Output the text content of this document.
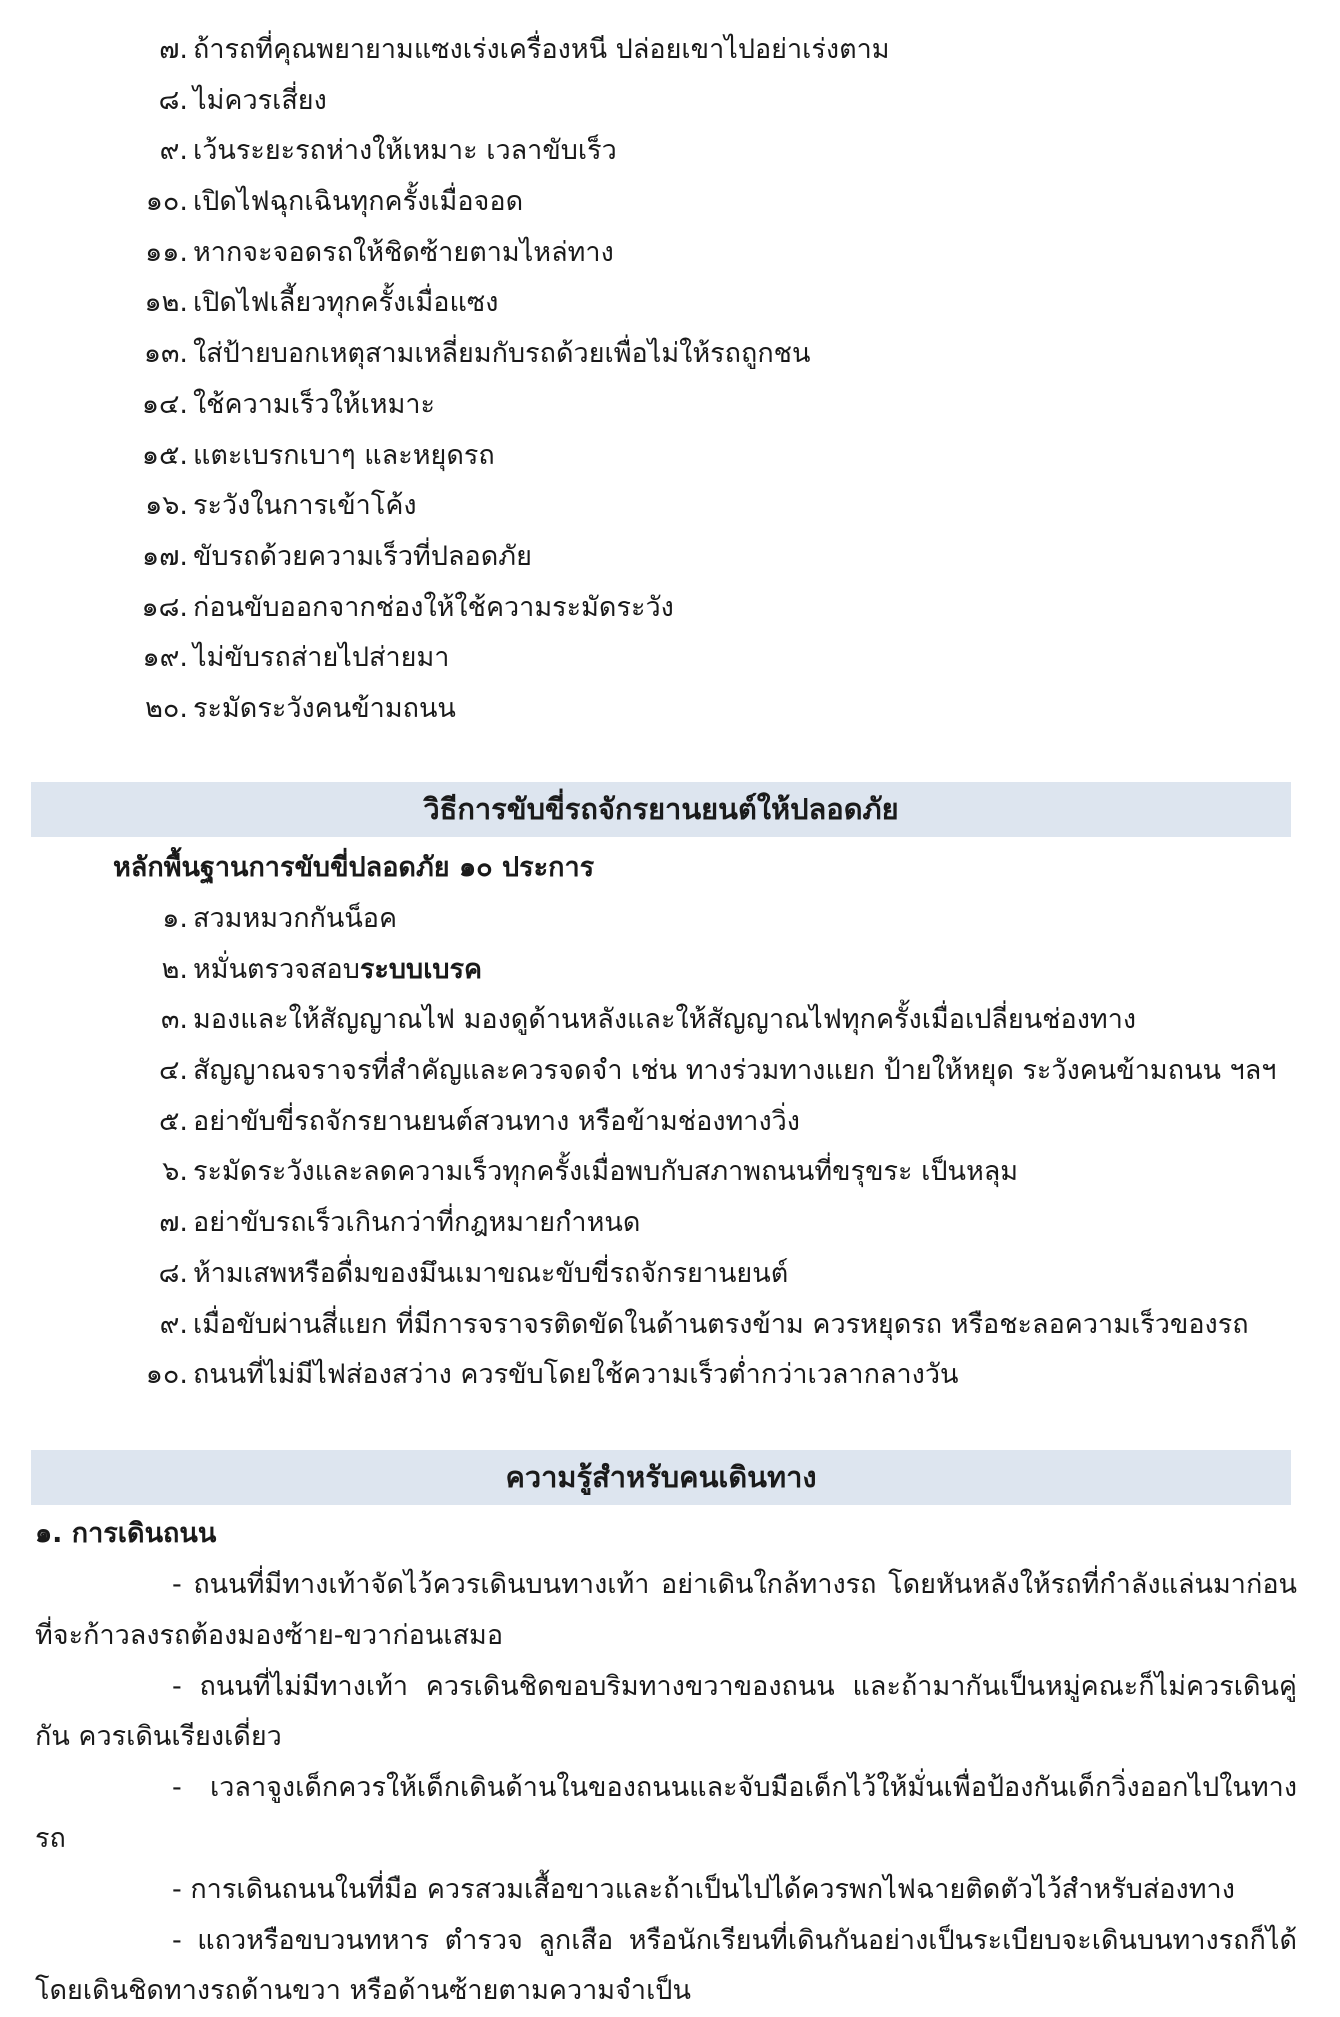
๗. ถ้ารถที่คุณพยายามแซงเร่งเครื่องหนี ปล่อยเขาไปอย่าเร่งตาม
๘. ไม่ควรเสี่ยง
๙. เว้นระยะรถห่างให้เหมาะ เวลาขับเร็ว
๑๐. เปิดไฟฉุกเฉินทุกครั้งเมื่อจอด
๑๑. หากจะจอดรถให้ชิดซ้ายตามไหล่ทาง
๑๒. เปิดไฟเลี้ยวทุกครั้งเมื่อแซง
๑๓. ใส่ป้ายบอกเหตุสามเหลี่ยมกับรถด้วยเพื่อไม่ให้รถถูกชน
๑๔. ใช้ความเร็วให้เหมาะ
๑๕. แตะเบรกเบาๆ และหยุดรถ
๑๖. ระวังในการเข้าโค้ง
๑๗. ขับรถด้วยความเร็วที่ปลอดภัย
๑๘. ก่อนขับออกจากช่องให้ใช้ความระมัดระวัง
๑๙. ไม่ขับรถส่ายไปส่ายมา
๒๐. ระมัดระวังคนข้ามถนน
วิธีการขับขี่รถจักรยานยนต์ให้ปลอดภัย
หลักพื้นฐานการขับขี่ปลอดภัย ๑๐ ประการ
๑. สวมหมวกกันน็อค
๒. หมั่นตรวจสอบระบบเบรค
๓. มองและให้สัญญาณไฟ มองดูด้านหลังและให้สัญญาณไฟทุกครั้งเมื่อเปลี่ยนช่องทาง
๔. สัญญาณจราจรที่สำคัญและควรจดจำ เช่น ทางร่วมทางแยก ป้ายให้หยุด ระวังคนข้ามถนน ฯลฯ
๕. อย่าขับขี่รถจักรยานยนต์สวนทาง หรือข้ามช่องทางวิ่ง
๖. ระมัดระวังและลดความเร็วทุกครั้งเมื่อพบกับสภาพถนนที่ขรุขระ เป็นหลุม
๗. อย่าขับรถเร็วเกินกว่าที่กฎหมายกำหนด
๘. ห้ามเสพหรือดื่มของมึนเมาขณะขับขี่รถจักรยานยนต์
๙. เมื่อขับผ่านสี่แยก ที่มีการจราจรติดขัดในด้านตรงข้าม ควรหยุดรถ หรือชะลอความเร็วของรถ
๑๐. ถนนที่ไม่มีไฟส่องสว่าง ควรขับโดยใช้ความเร็วต่ำกว่าเวลากลางวัน
ความรู้สำหรับคนเดินทาง
๑. การเดินถนน

- ถนนที่มีทางเท้าจัดไว้ควรเดินบนทางเท้า อย่าเดินใกล้ทางรถ โดยหันหลังให้รถที่กำลังแล่นมาก่อนที่จะก้าวลงรถต้องมองซ้าย-ขวาก่อนเสมอ

- ถนนที่ไม่มีทางเท้า ควรเดินชิดขอบริมทางขวาของถนน และถ้ามากันเป็นหมู่คณะก็ไม่ควรเดินคู่กัน ควรเดินเรียงเดี่ยว

- เวลาจูงเด็กควรให้เด็กเดินด้านในของถนนและจับมือเด็กไว้ให้มั่นเพื่อป้องกันเด็กวิ่งออกไปในทางรถ

- การเดินถนนในที่มือ ควรสวมเสื้อขาวและถ้าเป็นไปได้ควรพกไฟฉายติดตัวไว้สำหรับส่องทาง

- แถวหรือขบวนทหาร ตำรวจ ลูกเสือ หรือนักเรียนที่เดินกันอย่างเป็นระเบียบจะเดินบนทางรถก็ได้โดยเดินชิดทางรถด้านขวา หรือด้านซ้ายตามความจำเป็น
